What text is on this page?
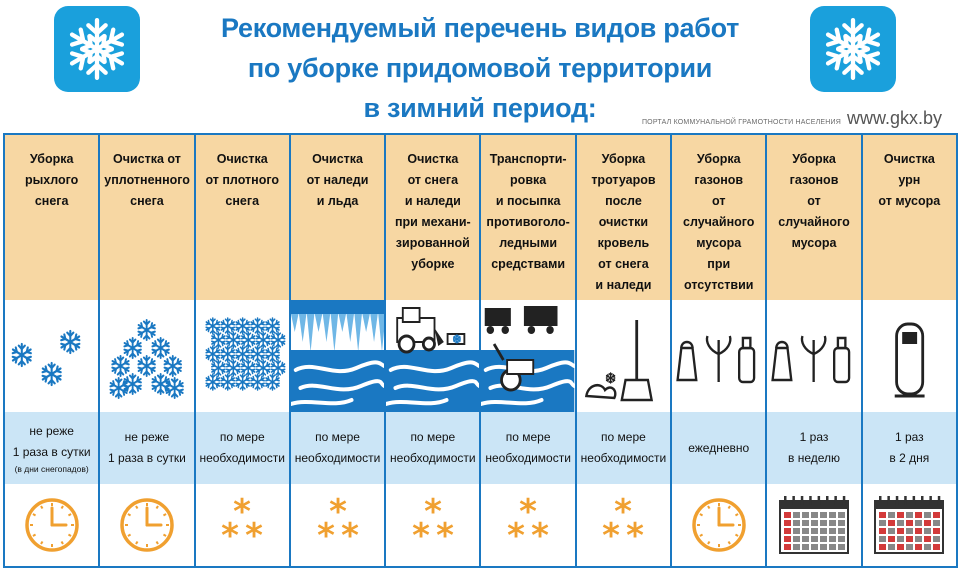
Рекомендуемый перечень видов работ
по уборке придомовой территории
в зимний период:	ПОРТАЛ КОММУНАЛЬНОЙ ГРАМОТНОСТИ НАСЕЛЕНИЯ www.gkx.by
Уборка
рыхлого
снега
не реже
1 раза в сутки
(в дни снегопадов)
Очистка от
уплотненного
снега
не реже
1 раза в сутки
Очистка
от плотного
снега
по мере
необходимости
*
* *
Очистка
от наледи
и льда
по мере
необходимости
*
* *
Очистка
от снега
и наледи
при механи-
зированной
уборке
по мере
необходимости
*
* *
Транспорти-
ровка
и посыпка
противоголо-
ледными
средствами
по мере
необходимости
*
* *
Уборка
тротуаров
после
очистки
кровель
от снега
и наледи
по мере
необходимости
*
* *
Уборка
газонов
от случайного
мусора
при
отсутствии
ежедневно
Уборка
газонов
от случайного
мусора
1 раз
в неделю
Очистка
урн
от мусора
1 раз
в 2 дня
